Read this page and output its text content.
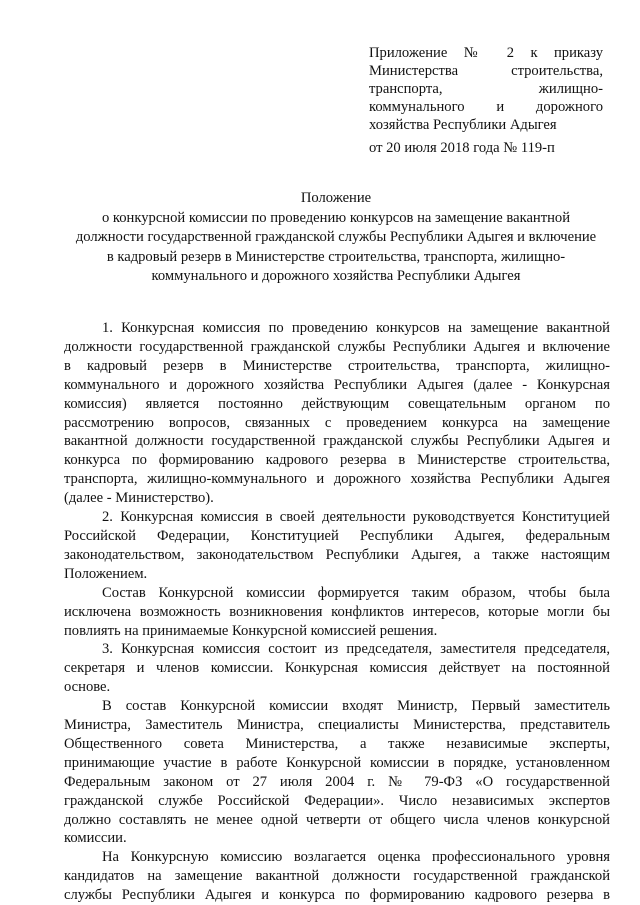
Приложение № 2 к приказу
Министерства строительства,
транспорта, жилищно-
коммунального и дорожного
хозяйства Республики Адыгея
от 20 июля 2018 года № 119-п
Положение
о конкурсной комиссии по проведению конкурсов на замещение вакантной
должности государственной гражданской службы Республики Адыгея и включение
в кадровый резерв в Министерстве строительства, транспорта, жилищно-
коммунального и дорожного хозяйства Республики Адыгея
1. Конкурсная комиссия по проведению конкурсов на замещение вакантной
должности государственной гражданской службы Республики Адыгея и включение
в кадровый резерв в Министерстве строительства, транспорта, жилищно-
коммунального и дорожного хозяйства Республики Адыгея (далее - Конкурсная
комиссия) является постоянно действующим совещательным органом по
рассмотрению вопросов, связанных с проведением конкурса на замещение
вакантной должности государственной гражданской службы Республики Адыгея и
конкурса по формированию кадрового резерва в Министерстве строительства,
транспорта, жилищно-коммунального и дорожного хозяйства Республики Адыгея
(далее - Министерство).
2. Конкурсная комиссия в своей деятельности руководствуется Конституцией
Российской Федерации, Конституцией Республики Адыгея, федеральным
законодательством, законодательством Республики Адыгея, а также настоящим
Положением.
Состав Конкурсной комиссии формируется таким образом, чтобы была
исключена возможность возникновения конфликтов интересов, которые могли бы
повлиять на принимаемые Конкурсной комиссией решения.
3. Конкурсная комиссия состоит из председателя, заместителя председателя,
секретаря и членов комиссии. Конкурсная комиссия действует на постоянной
основе.
В состав Конкурсной комиссии входят Министр, Первый заместитель
Министра, Заместитель Министра, специалисты Министерства, представитель
Общественного совета Министерства, а также независимые эксперты,
принимающие участие в работе Конкурсной комиссии в порядке, установленном
Федеральным законом от 27 июля 2004 г. № 79-ФЗ «О государственной
гражданской службе Российской Федерации». Число независимых экспертов
должно составлять не менее одной четверти от общего числа членов конкурсной
комиссии.
На Конкурсную комиссию возлагается оценка профессионального уровня
кандидатов на замещение вакантной должности государственной гражданской
службы Республики Адыгея и конкурса по формированию кадрового резерва в
